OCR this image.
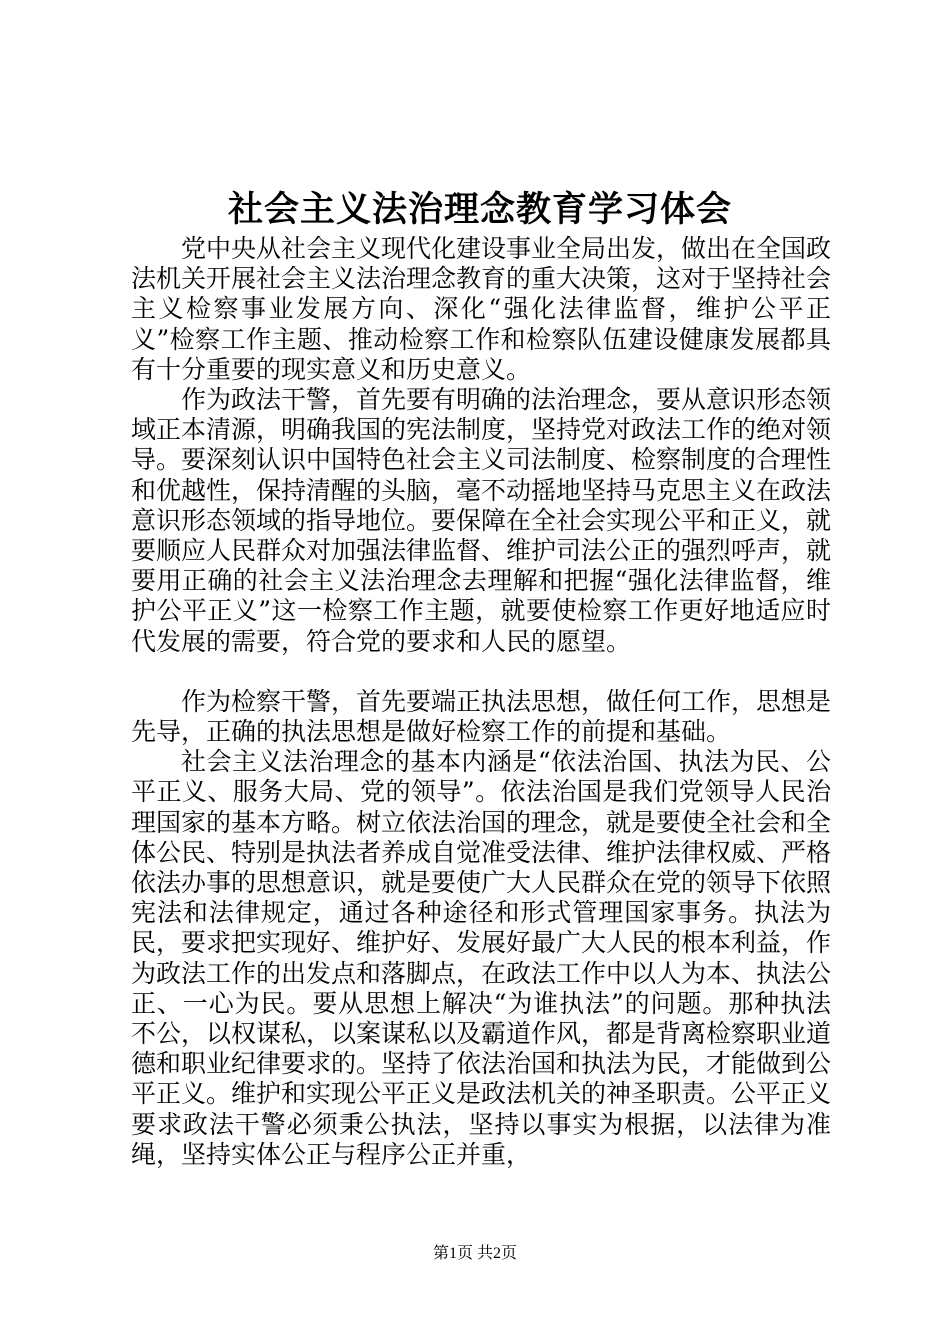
社会主义法治理念教育学习体会

党中央从社会主义现代化建设事业全局出发，做出在全国政法机关开展社会主义法治理念教育的重大决策，这对于坚持社会主义检察事业发展方向、深化“强化法律监督，维护公平正义”检察工作主题、推动检察工作和检察队伍建设健康发展都具有十分重要的现实意义和历史意义。

作为政法干警，首先要有明确的法治理念，要从意识形态领域正本清源，明确我国的宪法制度，坚持党对政法工作的绝对领导。要深刻认识中国特色社会主义司法制度、检察制度的合理性和优越性，保持清醒的头脑，毫不动摇地坚持马克思主义在政法意识形态领域的指导地位。要保障在全社会实现公平和正义，就要顺应人民群众对加强法律监督、维护司法公正的强烈呼声，就要用正确的社会主义法治理念去理解和把握“强化法律监督，维护公平正义”这一检察工作主题，就要使检察工作更好地适应时代发展的需要，符合党的要求和人民的愿望。

作为检察干警，首先要端正执法思想，做任何工作，思想是先导，正确的执法思想是做好检察工作的前提和基础。

社会主义法治理念的基本内涵是“依法治国、执法为民、公平正义、服务大局、党的领导”。依法治国是我们党领导人民治理国家的基本方略。树立依法治国的理念，就是要使全社会和全体公民、特别是执法者养成自觉准受法律、维护法律权威、严格依法办事的思想意识，就是要使广大人民群众在党的领导下依照宪法和法律规定，通过各种途径和形式管理国家事务。执法为民，要求把实现好、维护好、发展好最广大人民的根本利益，作为政法工作的出发点和落脚点，在政法工作中以人为本、执法公正、一心为民。要从思想上解决“为谁执法”的问题。那种执法不公，以权谋私，以案谋私以及霸道作风，都是背离检察职业道德和职业纪律要求的。坚持了依法治国和执法为民，才能做到公平正义。维护和实现公平正义是政法机关的神圣职责。公平正义要求政法干警必须秉公执法，坚持以事实为根据，以法律为准绳，坚持实体公正与程序公正并重，

第1页 共2页
